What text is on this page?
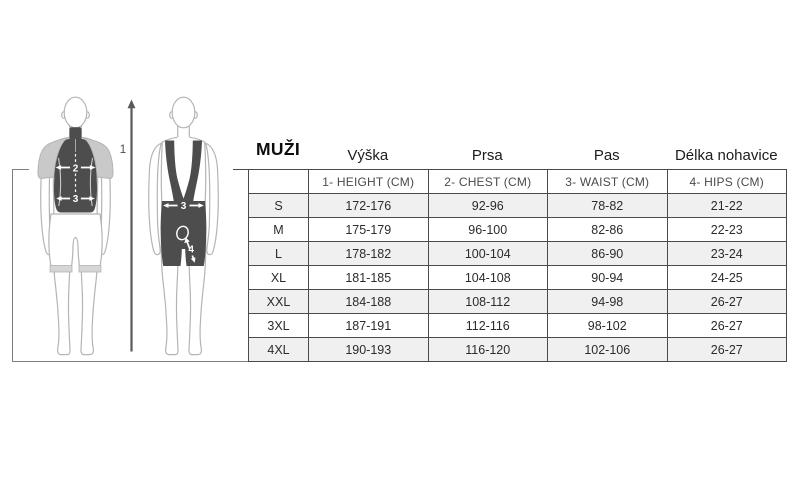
1
2
3
3
4
MUŽI	Výška	Prsa	Pas	Délka nohavice
	1- HEIGHT (CM)	2- CHEST (CM)	3- WAIST (CM)	4- HIPS (CM)
S	172-176	92-96	78-82	21-22
M	175-179	96-100	82-86	22-23
L	178-182	100-104	86-90	23-24
XL	181-185	104-108	90-94	24-25
XXL	184-188	108-112	94-98	26-27
3XL	187-191	112-116	98-102	26-27
4XL	190-193	116-120	102-106	26-27
